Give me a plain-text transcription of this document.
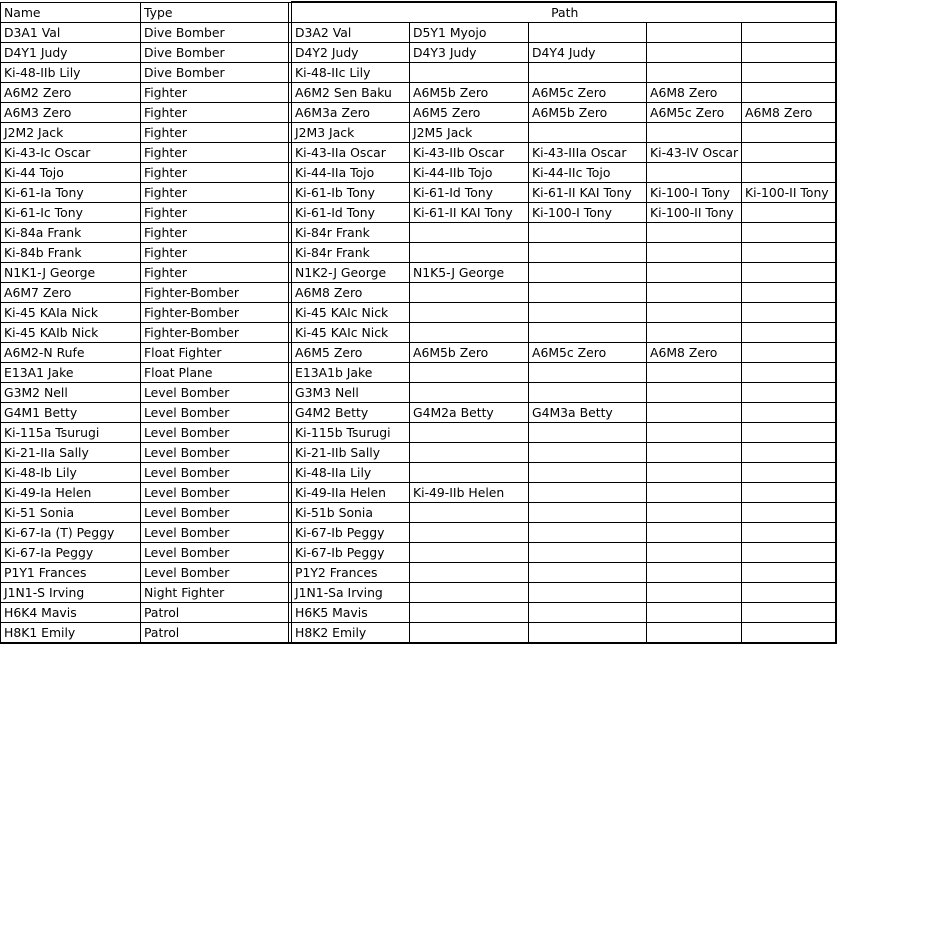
Name	Type		Path				
D3A1 Val	Dive Bomber		D3A2 Val	D5Y1 Myojo			
D4Y1 Judy	Dive Bomber		D4Y2 Judy	D4Y3 Judy	D4Y4 Judy		
Ki-48-IIb Lily	Dive Bomber		Ki-48-IIc Lily				
A6M2 Zero	Fighter		A6M2 Sen Baku	A6M5b Zero	A6M5c Zero	A6M8 Zero	
A6M3 Zero	Fighter		A6M3a Zero	A6M5 Zero	A6M5b Zero	A6M5c Zero	A6M8 Zero
J2M2 Jack	Fighter		J2M3 Jack	J2M5 Jack			
Ki-43-Ic Oscar	Fighter		Ki-43-IIa Oscar	Ki-43-IIb Oscar	Ki-43-IIIa Oscar	Ki-43-IV Oscar	
Ki-44 Tojo	Fighter		Ki-44-IIa Tojo	Ki-44-IIb Tojo	Ki-44-IIc Tojo		
Ki-61-Ia Tony	Fighter		Ki-61-Ib Tony	Ki-61-Id Tony	Ki-61-II KAI Tony	Ki-100-I Tony	Ki-100-II Tony
Ki-61-Ic Tony	Fighter		Ki-61-Id Tony	Ki-61-II KAI Tony	Ki-100-I Tony	Ki-100-II Tony	
Ki-84a Frank	Fighter		Ki-84r Frank				
Ki-84b Frank	Fighter		Ki-84r Frank				
N1K1-J George	Fighter		N1K2-J George	N1K5-J George			
A6M7 Zero	Fighter-Bomber		A6M8 Zero				
Ki-45 KAIa Nick	Fighter-Bomber		Ki-45 KAIc Nick				
Ki-45 KAIb Nick	Fighter-Bomber		Ki-45 KAIc Nick				
A6M2-N Rufe	Float Fighter		A6M5 Zero	A6M5b Zero	A6M5c Zero	A6M8 Zero	
E13A1 Jake	Float Plane		E13A1b Jake				
G3M2 Nell	Level Bomber		G3M3 Nell				
G4M1 Betty	Level Bomber		G4M2 Betty	G4M2a Betty	G4M3a Betty		
Ki-115a Tsurugi	Level Bomber		Ki-115b Tsurugi				
Ki-21-IIa Sally	Level Bomber		Ki-21-IIb Sally				
Ki-48-Ib Lily	Level Bomber		Ki-48-IIa Lily				
Ki-49-Ia Helen	Level Bomber		Ki-49-IIa Helen	Ki-49-IIb Helen			
Ki-51 Sonia	Level Bomber		Ki-51b Sonia				
Ki-67-Ia (T) Peggy	Level Bomber		Ki-67-Ib Peggy				
Ki-67-Ia Peggy	Level Bomber		Ki-67-Ib Peggy				
P1Y1 Frances	Level Bomber		P1Y2 Frances				
J1N1-S Irving	Night Fighter		J1N1-Sa Irving				
H6K4 Mavis	Patrol		H6K5 Mavis				
H8K1 Emily	Patrol		H8K2 Emily				
